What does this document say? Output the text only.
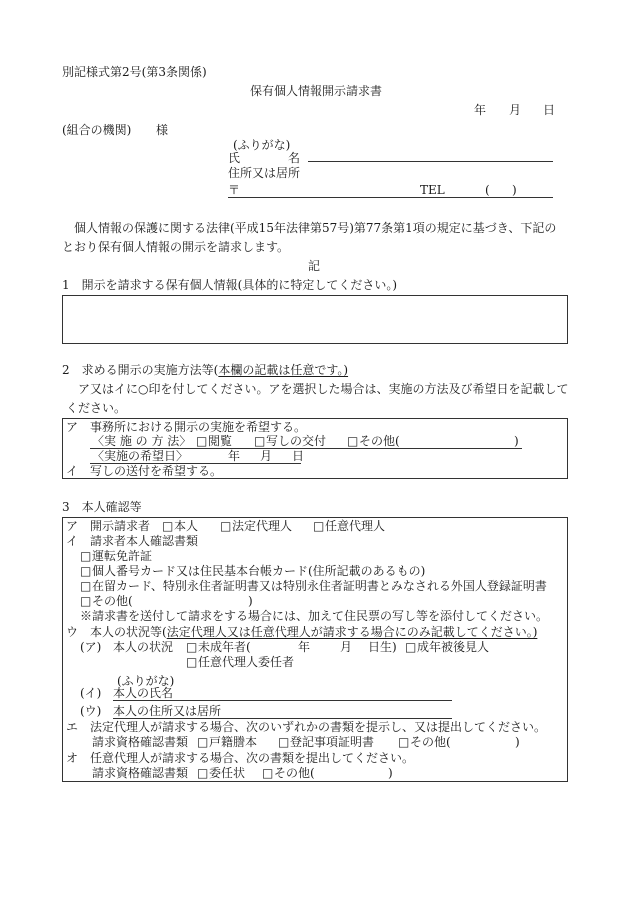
別記様式第2号(第3条関係)
保有個人情報開示請求書
年 月 日
(組合の機関) 様
(ふりがな)
氏　　　　名
住所又は居所
〒	TEL	( )
個人情報の保護に関する法律(平成15年法律第57号)第77条第1項の規定に基づき、下記の
とおり保有個人情報の開示を請求します。
記
1　開示を請求する保有個人情報(具体的に特定してください。)
2　求める開示の実施方法等(本欄の記載は任意です。)
ア又はイに○印を付してください。アを選択した場合は、実施の方法及び希望日を記載して
ください。
ア　事務所における開示の実施を希望する。
〈実 施 の 方 法〉 □ 閲覧 □ 写しの交付 □ その他(	)
〈実施の希望日〉	年 月 日
イ　写しの送付を希望する。
3　本人確認等
ア　開示請求者 □ 本人 □ 法定代理人 □ 任意代理人
イ　請求者本人確認書類
□ 運転免許証
□ 個人番号カード又は住民基本台帳カード(住所記載のあるもの)
□ 在留カード、特別永住者証明書又は特別永住者証明書とみなされる外国人登録証明書
□ その他(	)
※請求書を送付して請求をする場合には、加えて住民票の写し等を添付してください。
ウ　本人の状況等(法定代理人又は任意代理人が請求する場合にのみ記載してください。)
(ア) 本人の状況 □ 未成年者(	年 月 日生) □ 成年被後見人
□ 任意代理人委任者
(ふりがな)
(イ) 本人の氏名
(ウ) 本人の住所又は居所
エ　法定代理人が請求する場合、次のいずれかの書類を提示し、又は提出してください。
請求資格確認書類 □ 戸籍謄本 □ 登記事項証明書 □ その他(	)
オ　任意代理人が請求する場合、次の書類を提出してください。
請求資格確認書類 □ 委任状 □ その他(	)
